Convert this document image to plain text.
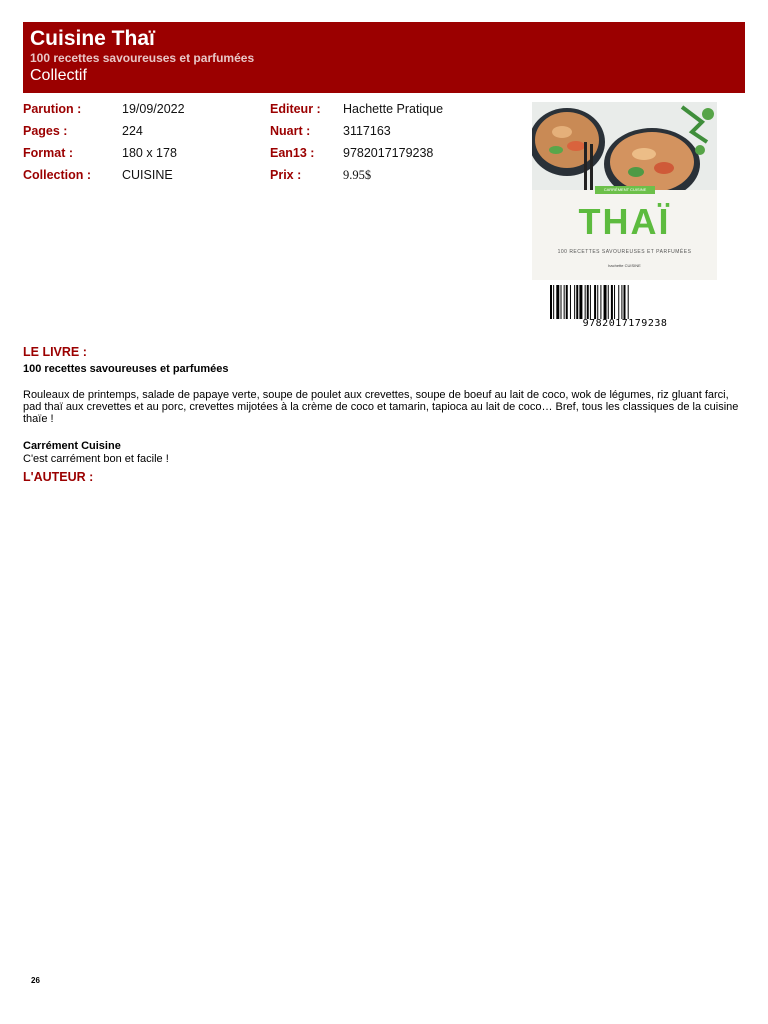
Cuisine Thaï
100 recettes savoureuses et parfumées
Collectif
Parution :	19/09/2022
Pages :	224
Format :	180 x 178
Collection : CUISINE
Editeur : Hachette Pratique
Nuart :	3117163
Ean13 : 9782017179238
Prix :	9.95$
CARRÉMENT CUISINE
THAÏ
100 RECETTES SAVOUREUSES ET PARFUMÉES
hachette CUISINE
9782017179238
LE LIVRE :
100 recettes savoureuses et parfumées
Rouleaux de printemps, salade de papaye verte, soupe de poulet aux crevettes, soupe de boeuf au lait de coco, wok de légumes, riz gluant farci, pad thaï aux crevettes et au porc, crevettes mijotées à la crème de coco et tamarin, tapioca au lait de coco… Bref, tous les classiques de la cuisine thaïe !
Carrément Cuisine
C'est carrément bon et facile !
L'AUTEUR :
26
